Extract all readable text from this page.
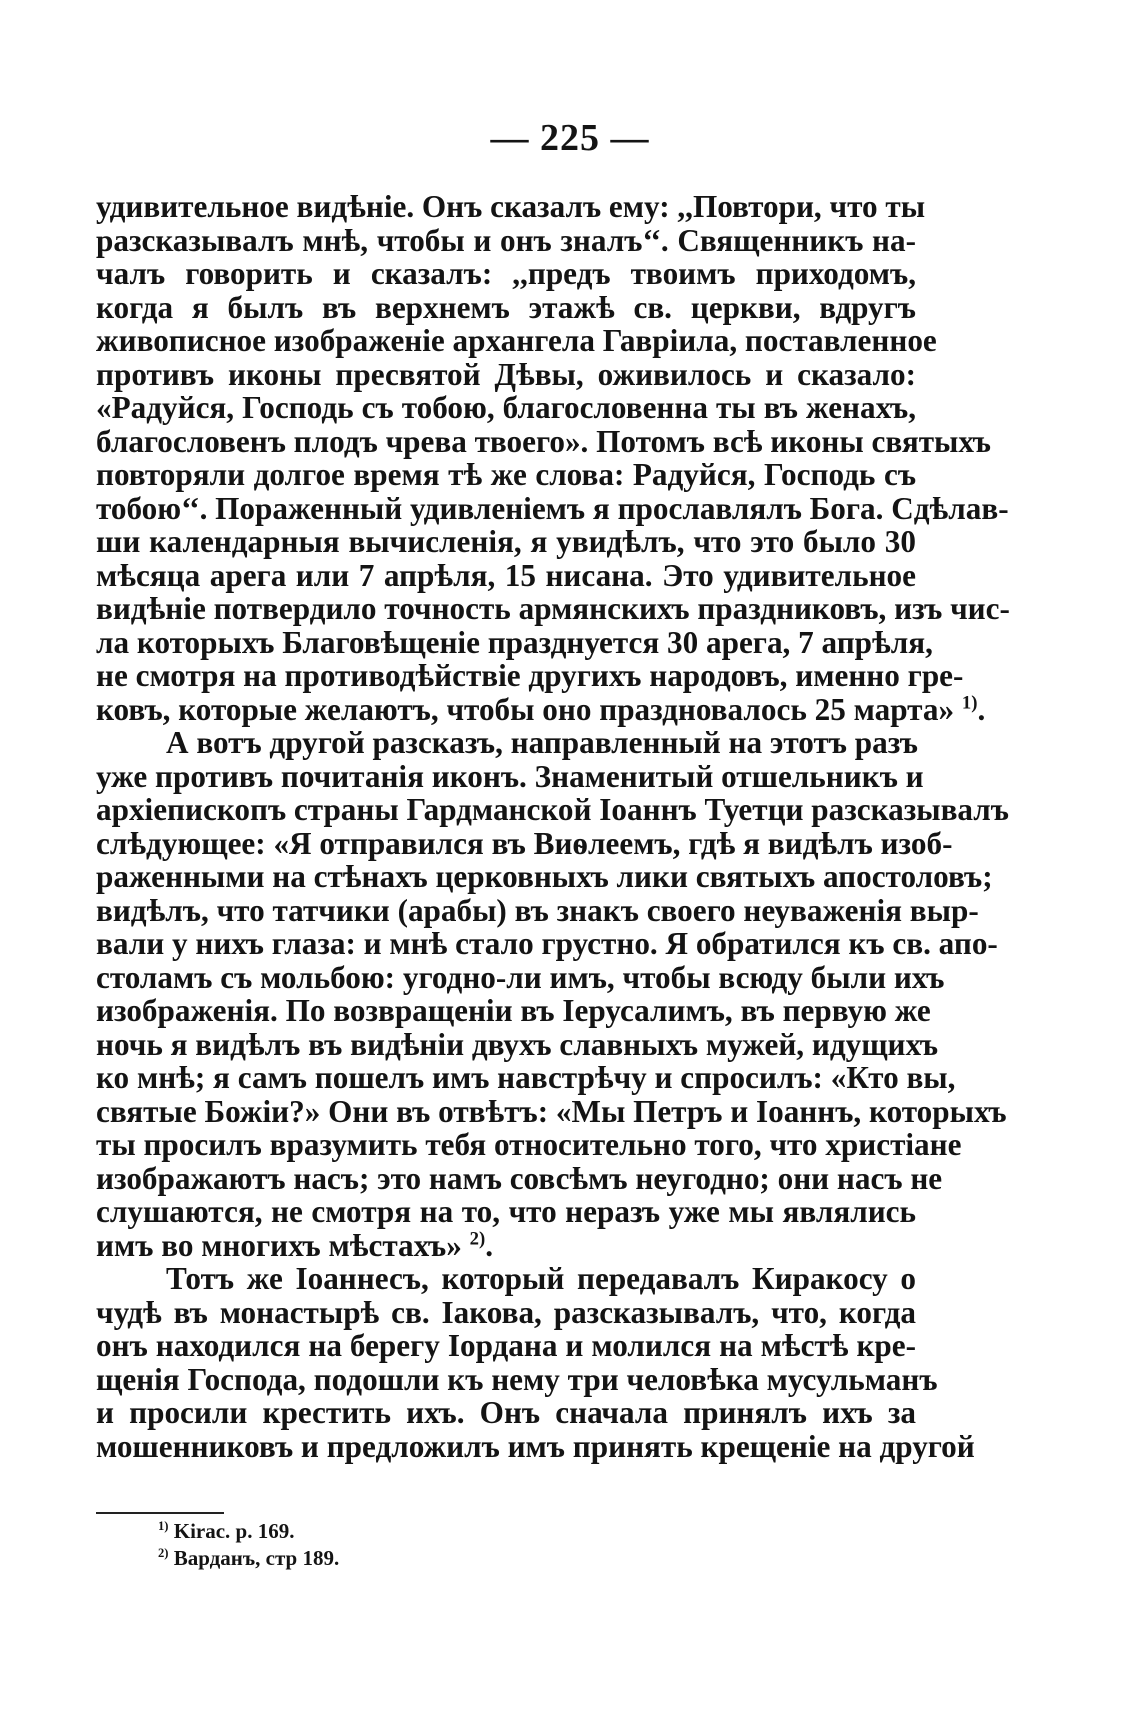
— 225 —
удивительное видѣніе. Онъ сказалъ ему: ,,Повтори, что ты
разсказывалъ мнѣ, чтобы и онъ зналъ‘‘. Священникъ на-
чалъ говорить и сказалъ: ,,предъ твоимъ приходомъ,
когда я былъ въ верхнемъ этажѣ св. церкви, вдругъ
живописное изображеніе архангела Гавріила, поставленное
противъ иконы пресвятой Дѣвы, оживилось и сказало:
«Радуйся, Господь съ тобою, благословенна ты въ женахъ,
благословенъ плодъ чрева твоего». Потомъ всѣ иконы святыхъ
повторяли долгое время тѣ же слова: Радуйся, Господь съ
тобою‘‘. Пораженный удивленіемъ я прославлялъ Бога. Сдѣлав-
ши календарныя вычисленія, я увидѣлъ, что это было 30
мѣсяца арега или 7 апрѣля, 15 нисана. Это удивительное
видѣніе потвердило точность армянскихъ праздниковъ, изъ чис-
ла которыхъ Благовѣщеніе празднуется 30 арега, 7 апрѣля,
не смотря на противодѣйствіе другихъ народовъ, именно гре-
ковъ, которые желаютъ, чтобы оно праздновалось 25 марта» $^{1)}$.
А вотъ другой разсказъ, направленный на этотъ разъ
уже противъ почитанія иконъ. Знаменитый отшельникъ и
архіепископъ страны Гардманской Іоаннъ Туетци разсказывалъ
слѣдующее: «Я отправился въ Виѳлеемъ, гдѣ я видѣлъ изоб-
раженными на стѣнахъ церковныхъ лики святыхъ апостоловъ;
видѣлъ, что татчики (арабы) въ знакъ своего неуваженія выр-
вали у нихъ глаза: и мнѣ стало грустно. Я обратился къ св. апо-
столамъ съ мольбою: угодно-ли имъ, чтобы всюду были ихъ
изображенія. По возвращеніи въ Іерусалимъ, въ первую же
ночь я видѣлъ въ видѣніи двухъ славныхъ мужей, идущихъ
ко мнѣ; я самъ пошелъ имъ навстрѣчу и спросилъ: «Кто вы,
святые Божіи?» Они въ отвѣтъ: «Мы Петръ и Іоаннъ, которыхъ
ты просилъ вразумить тебя относительно того, что христіане
изображаютъ насъ; это намъ совсѣмъ неугодно; они насъ не
слушаются, не смотря на то, что неразъ уже мы являлись
имъ во многихъ мѣстахъ» $^{2)}$.
Тотъ же Іоаннесъ, который передавалъ Киракосу о
чудѣ въ монастырѣ св. Іакова, разсказывалъ, что, когда
онъ находился на берегу Іордана и молился на мѣстѣ кре-
щенія Господа, подошли къ нему три человѣка мусульманъ
и просили крестить ихъ. Онъ сначала принялъ ихъ за
мошенниковъ и предложилъ имъ принять крещеніе на другой
$^{1)}$ Kirac. p. 169.
$^{2)}$ Варданъ, стр 189.
